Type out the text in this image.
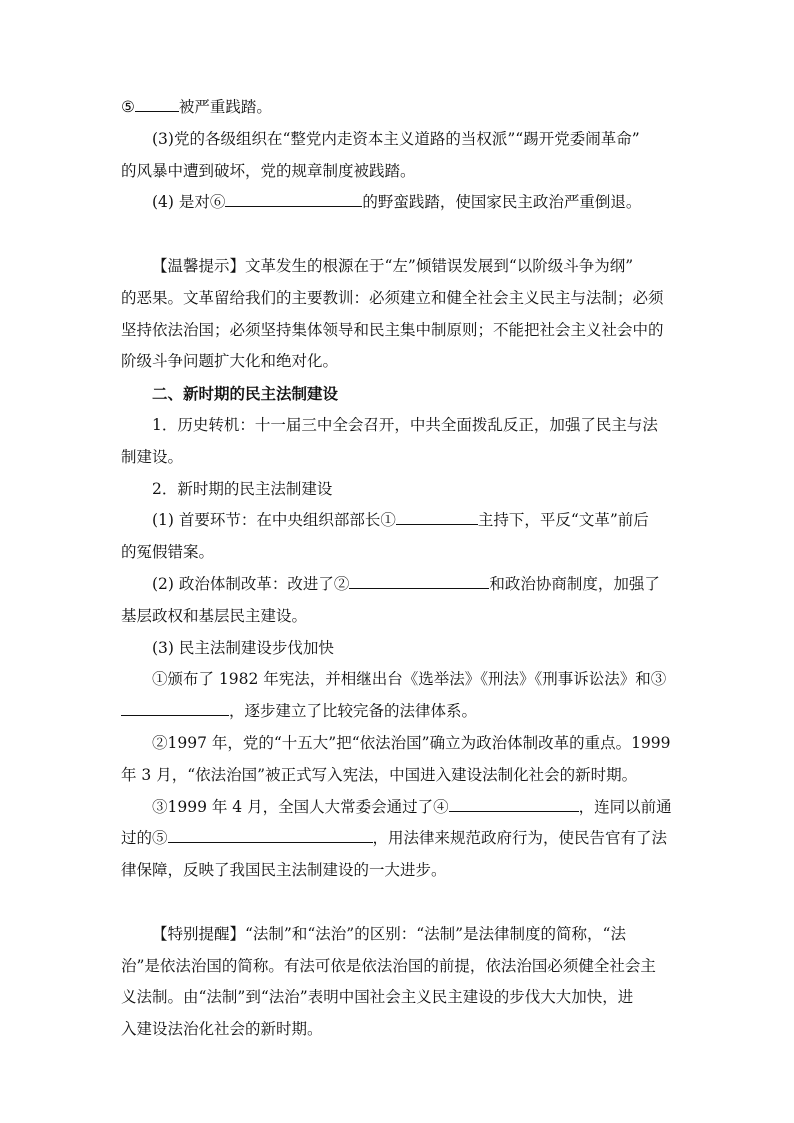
⑤	被严重践踏。
(3)党的各级组织在“整党内走资本主义道路的当权派”“踢开党委闹革命”
的风暴中遭到破坏，党的规章制度被践踏。
(4) 是对⑥	的野蛮践踏，使国家民主政治严重倒退。
【温馨提示】文革发生的根源在于“左”倾错误发展到“以阶级斗争为纲”
的恶果。文革留给我们的主要教训：必须建立和健全社会主义民主与法制；必须
坚持依法治国；必须坚持集体领导和民主集中制原则；不能把社会主义社会中的
阶级斗争问题扩大化和绝对化。
二、新时期的民主法制建设
1．历史转机：十一届三中全会召开，中共全面拨乱反正，加强了民主与法
制建设。
2．新时期的民主法制建设
(1) 首要环节：在中央组织部部长①	主持下，平反“文革”前后
的冤假错案。
(2) 政治体制改革：改进了②	和政治协商制度，加强了
基层政权和基层民主建设。
(3) 民主法制建设步伐加快
①颁布了 1982 年宪法，并相继出台《选举法》《刑法》《刑事诉讼法》和③
，逐步建立了比较完备的法律体系。
②1997 年，党的“十五大”把“依法治国”确立为政治体制改革的重点。1999
年 3 月，“依法治国”被正式写入宪法，中国进入建设法制化社会的新时期。
③1999 年 4 月，全国人大常委会通过了④	，连同以前通
过的⑤	，用法律来规范政府行为，使民告官有了法
律保障，反映了我国民主法制建设的一大进步。
【特别提醒】“法制”和“法治”的区别：“法制”是法律制度的简称，“法
治”是依法治国的简称。有法可依是依法治国的前提，依法治国必须健全社会主
义法制。由“法制”到“法治”表明中国社会主义民主建设的步伐大大加快，进
入建设法治化社会的新时期。
